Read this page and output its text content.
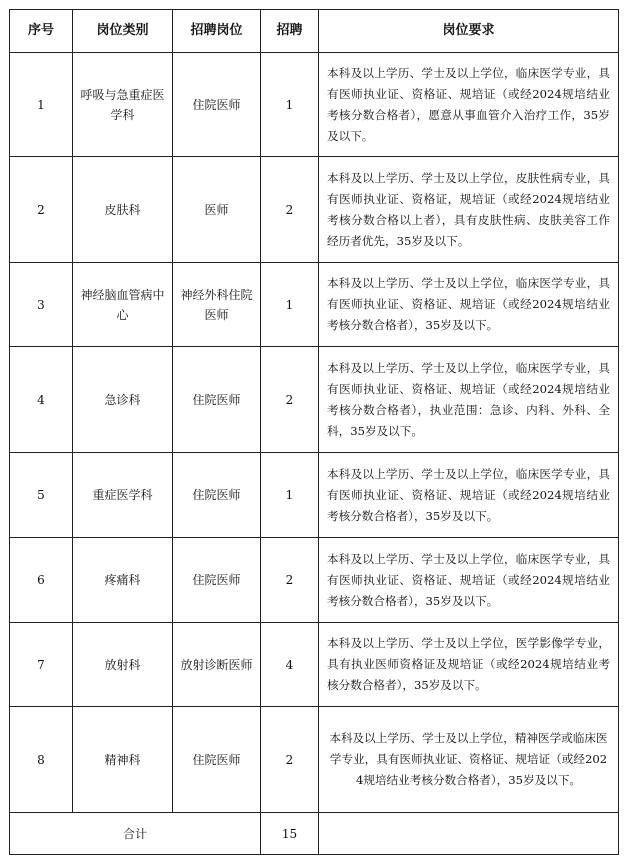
序号	岗位类别	招聘岗位	招聘	岗位要求
1	呼吸与急重症医学科	住院医师	1	本科及以上学历、学士及以上学位，临床医学专业，具有医师执业证、资格证、规培证（或经2024规培结业考核分数合格者），愿意从事血管介入治疗工作，35岁及以下。
2	皮肤科	医师	2	本科及以上学历、学士及以上学位，皮肤性病专业，具有医师执业证、资格证，规培证（或经2024规培结业考核分数合格以上者），具有皮肤性病、皮肤美容工作经历者优先，35岁及以下。
3	神经脑血管病中心	神经外科住院医师	1	本科及以上学历、学士及以上学位，临床医学专业，具有医师执业证、资格证、规培证（或经2024规培结业考核分数合格者），35岁及以下。
4	急诊科	住院医师	2	本科及以上学历、学士及以上学位，临床医学专业，具有医师执业证、资格证、规培证（或经2024规培结业考核分数合格者），执业范围：急诊、内科、外科、全科，35岁及以下。
5	重症医学科	住院医师	1	本科及以上学历、学士及以上学位，临床医学专业，具有医师执业证、资格证、规培证（或经2024规培结业考核分数合格者），35岁及以下。
6	疼痛科	住院医师	2	本科及以上学历、学士及以上学位，临床医学专业，具有医师执业证、资格证、规培证（或经2024规培结业考核分数合格者），35岁及以下。
7	放射科	放射诊断医师	4	本科及以上学历、学士及以上学位，医学影像学专业，具有执业医师资格证及规培证（或经2024规培结业考核分数合格者），35岁及以下。
8	精神科	住院医师	2	本科及以上学历、学士及以上学位，精神医学或临床医学专业，具有医师执业证、资格证、规培证（或经2024规培结业考核分数合格者），35岁及以下。
合计			15	
